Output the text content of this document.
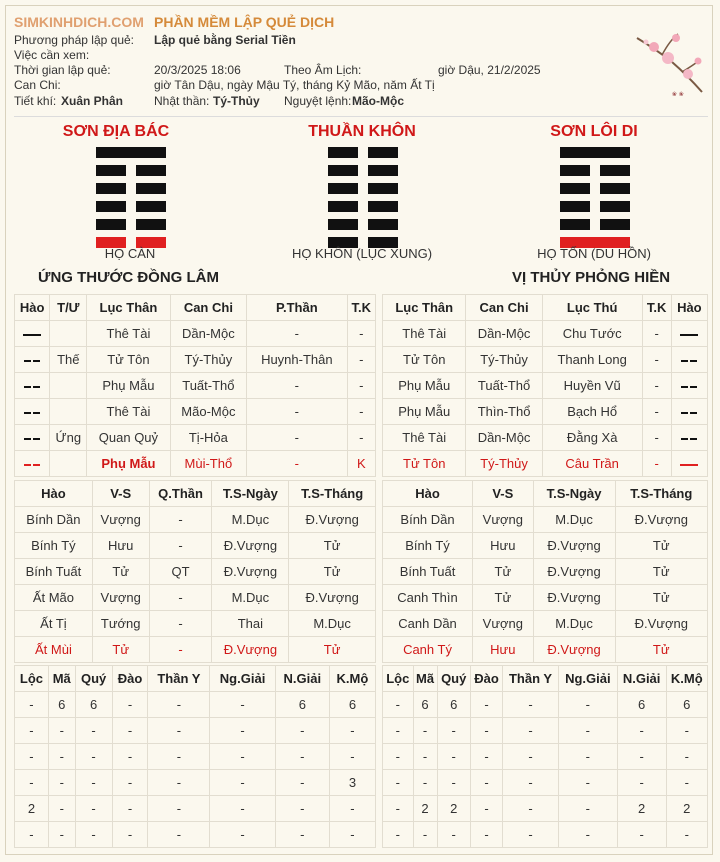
SIMKINHDICH.COM PHẦN MỀM LẬP QUẺ DỊCH
Phương pháp lập quẻ: Lập quẻ bằng Serial Tiền
Việc cần xem:
Thời gian lập quẻ:	20/3/2025 18:06	Theo Âm Lịch:	giờ Dậu, 21/2/2025
Can Chi:	giờ Tân Dậu, ngày Mậu Tý, tháng Kỷ Mão, năm Ất Tị
Tiết khí: Xuân Phân	Nhật thần: Tý-Thủy Nguyệt lệnh: Mão-Mộc	❀ ❀
SƠN ĐỊA BÁC	THUẦN KHÔN	SƠN LÔI DI
HỌ CÀN	HỌ KHÔN (LỤC XUNG)	HỌ TỐN (DU HỒN)
ỨNG THƯỚC ĐỒNG LÂM	VỊ THỦY PHỎNG HIỀN
Hào	T/Ư	Lục Thân	Can Chi	P.Thần	T.K
		Thê Tài	Dần-Mộc	-	-
	Thế	Tử Tôn	Tý-Thủy	Huynh-Thân	-
		Phụ Mẫu	Tuất-Thổ	-	-
		Thê Tài	Mão-Mộc	-	-
	Ứng	Quan Quỷ	Tị-Hỏa	-	-
		Phụ Mẫu	Mùi-Thổ	-	K
Lục Thân	Can Chi	Lục Thú	T.K	Hào
Thê Tài	Dần-Mộc	Chu Tước	-	
Tử Tôn	Tý-Thủy	Thanh Long	-	
Phụ Mẫu	Tuất-Thổ	Huyền Vũ	-	
Phụ Mẫu	Thìn-Thổ	Bạch Hổ	-	
Thê Tài	Dần-Mộc	Đằng Xà	-	
Tử Tôn	Tý-Thủy	Câu Trần	-	
Hào	V-S	Q.Thần	T.S-Ngày	T.S-Tháng
Bính Dần	Vượng	-	M.Dục	Đ.Vượng
Bính Tý	Hưu	-	Đ.Vượng	Tử
Bính Tuất	Tử	QT	Đ.Vượng	Tử
Ất Mão	Vượng	-	M.Dục	Đ.Vượng
Ất Tị	Tướng	-	Thai	M.Dục
Ất Mùi	Tử	-	Đ.Vượng	Tử
Hào	V-S	T.S-Ngày	T.S-Tháng
Bính Dần	Vượng	M.Dục	Đ.Vượng
Bính Tý	Hưu	Đ.Vượng	Tử
Bính Tuất	Tử	Đ.Vượng	Tử
Canh Thìn	Tử	Đ.Vượng	Tử
Canh Dần	Vượng	M.Dục	Đ.Vượng
Canh Tý	Hưu	Đ.Vượng	Tử
Lộc	Mã	Quý	Đào	Thần Y	Ng.Giải	N.Giải	K.Mộ
-	6	6	-	-	-	6	6
-	-	-	-	-	-	-	-
-	-	-	-	-	-	-	-
-	-	-	-	-	-	-	3
2	-	-	-	-	-	-	-
-	-	-	-	-	-	-	-
Lộc	Mã	Quý	Đào	Thần Y	Ng.Giải	N.Giải	K.Mộ
-	6	6	-	-	-	6	6
-	-	-	-	-	-	-	-
-	-	-	-	-	-	-	-
-	-	-	-	-	-	-	-
-	2	2	-	-	-	2	2
-	-	-	-	-	-	-	-
